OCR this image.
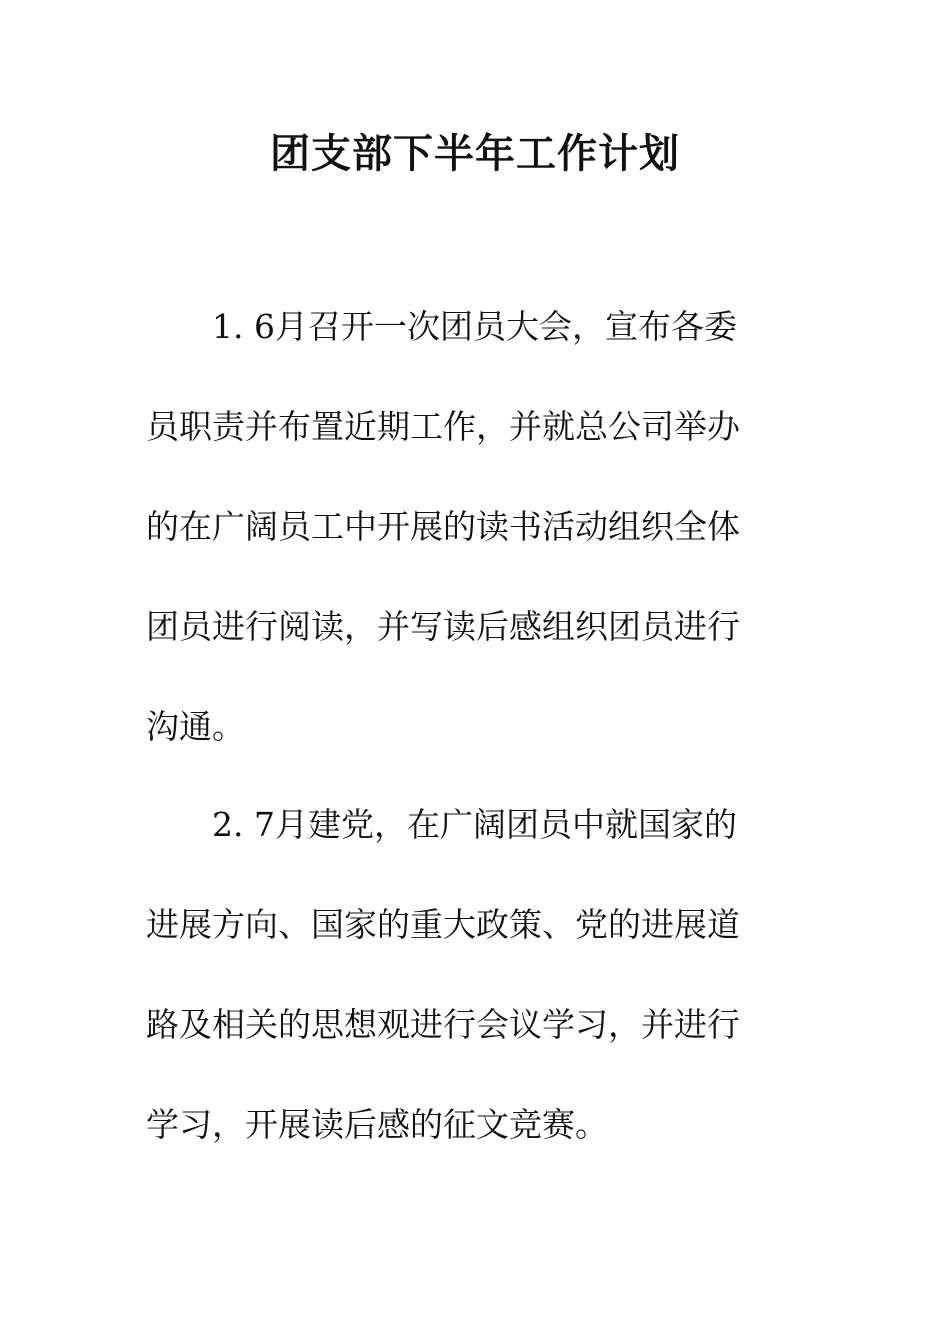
团支部下半年工作计划

1. 6月召开一次团员大会，宣布各委
员职责并布置近期工作，并就总公司举办
的在广阔员工中开展的读书活动组织全体
团员进行阅读，并写读后感组织团员进行
沟通。

2. 7月建党，在广阔团员中就国家的
进展方向、国家的重大政策、党的进展道
路及相关的思想观进行会议学习，并进行
学习，开展读后感的征文竞赛。
